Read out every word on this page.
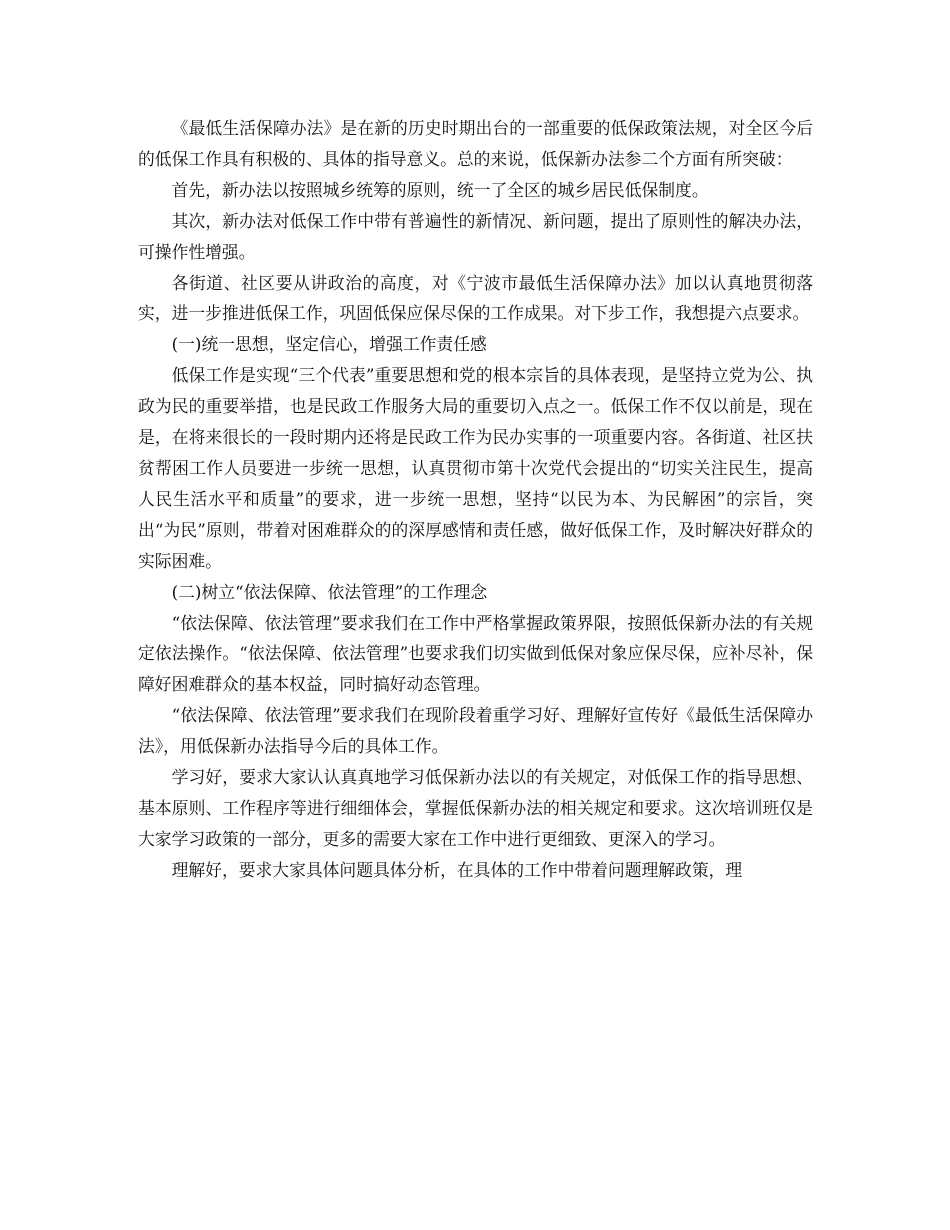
《最低生活保障办法》是在新的历史时期出台的一部重要的低保政策法规，对全区今后的低保工作具有积极的、具体的指导意义。总的来说，低保新办法参二个方面有所突破：

首先，新办法以按照城乡统筹的原则，统一了全区的城乡居民低保制度。

其次，新办法对低保工作中带有普遍性的新情况、新问题，提出了原则性的解决办法，可操作性增强。

各街道、社区要从讲政治的高度，对《宁波市最低生活保障办法》加以认真地贯彻落实，进一步推进低保工作，巩固低保应保尽保的工作成果。对下步工作，我想提六点要求。

(一)统一思想，坚定信心，增强工作责任感

低保工作是实现“三个代表”重要思想和党的根本宗旨的具体表现，是坚持立党为公、执政为民的重要举措，也是民政工作服务大局的重要切入点之一。低保工作不仅以前是，现在是，在将来很长的一段时期内还将是民政工作为民办实事的一项重要内容。各街道、社区扶贫帮困工作人员要进一步统一思想，认真贯彻市第十次党代会提出的“切实关注民生，提高人民生活水平和质量”的要求，进一步统一思想，坚持“以民为本、为民解困”的宗旨，突出“为民”原则，带着对困难群众的的深厚感情和责任感，做好低保工作，及时解决好群众的实际困难。

(二)树立“依法保障、依法管理”的工作理念

“依法保障、依法管理”要求我们在工作中严格掌握政策界限，按照低保新办法的有关规定依法操作。“依法保障、依法管理”也要求我们切实做到低保对象应保尽保，应补尽补，保障好困难群众的基本权益，同时搞好动态管理。

“依法保障、依法管理”要求我们在现阶段着重学习好、理解好宣传好《最低生活保障办法》，用低保新办法指导今后的具体工作。

学习好，要求大家认认真真地学习低保新办法以的有关规定，对低保工作的指导思想、基本原则、工作程序等进行细细体会，掌握低保新办法的相关规定和要求。这次培训班仅是大家学习政策的一部分，更多的需要大家在工作中进行更细致、更深入的学习。

理解好，要求大家具体问题具体分析，在具体的工作中带着问题理解政策，理
